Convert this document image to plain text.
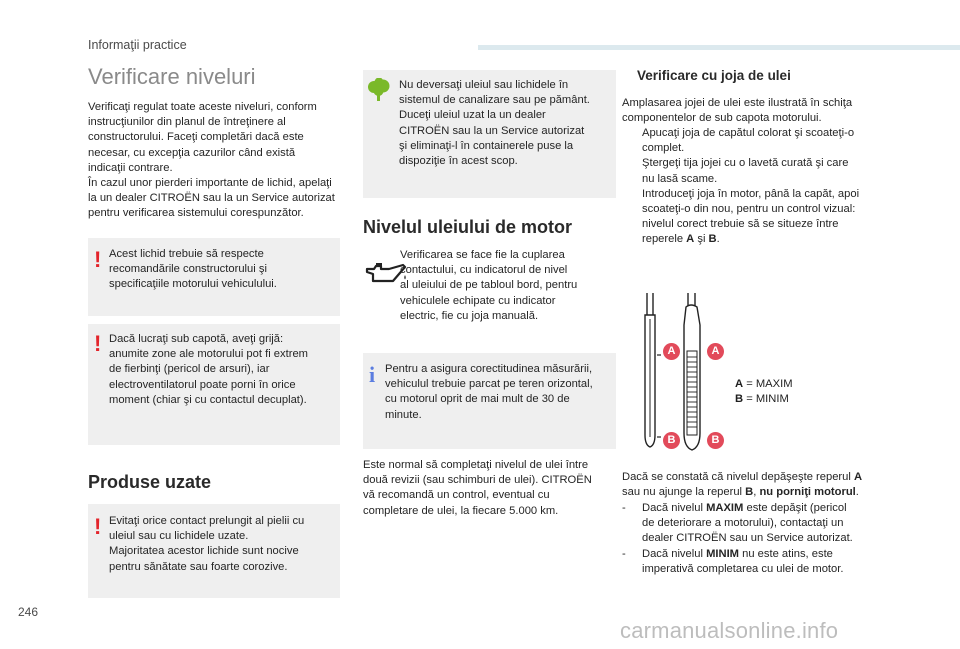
Informaţii practice
Verificare niveluri
Verificaţi regulat toate aceste niveluri, conform
instrucţiunilor din planul de întreţinere al
constructorului. Faceţi completări dacă este
necesar, cu excepţia cazurilor când există
indicaţii contrare.
În cazul unor pierderi importante de lichid, apelaţi
la un dealer CITROËN sau la un Service autorizat
pentru verificarea sistemului corespunzător.
! Acest lichid trebuie să respecte
recomandările constructorului şi
specificaţiile motorului vehiculului.
! Dacă lucraţi sub capotă, aveţi grijă:
anumite zone ale motorului pot fi extrem
de fierbinţi (pericol de arsuri), iar
electroventilatorul poate porni în orice
moment (chiar şi cu contactul decuplat).
Produse uzate
! Evitaţi orice contact prelungit al pielii cu
uleiul sau cu lichidele uzate.
Majoritatea acestor lichide sunt nocive
pentru sănătate sau foarte corozive.
Nu deversaţi uleiul sau lichidele în
sistemul de canalizare sau pe pământ.
Duceţi uleiul uzat la un dealer
CITROËN sau la un Service autorizat
şi eliminaţi-l în containerele puse la
dispoziţie în acest scop.
Nivelul uleiului de motor
Verificarea se face fie la cuplarea
contactului, cu indicatorul de nivel
al uleiului de pe tabloul bord, pentru
vehiculele echipate cu indicator
electric, fie cu joja manuală.
i Pentru a asigura corectitudinea măsurării,
vehiculul trebuie parcat pe teren orizontal,
cu motorul oprit de mai mult de 30 de
minute.
Este normal să completaţi nivelul de ulei între
două revizii (sau schimburi de ulei). CITROËN
vă recomandă un control, eventual cu
completare de ulei, la fiecare 5.000 km.
Verificare cu joja de ulei
Amplasarea jojei de ulei este ilustrată în schiţa
componentelor de sub capota motorului.
Apucaţi joja de capătul colorat şi scoateţi-o
complet.
Ştergeţi tija jojei cu o lavetă curată şi care
nu lasă scame.
Introduceţi joja în motor, până la capăt, apoi
scoateţi-o din nou, pentru un control vizual:
nivelul corect trebuie să se situeze între
reperele A şi B.
A	A
B	B
A = MAXIM
B = MINIM
Dacă se constată că nivelul depăşeşte reperul A
sau nu ajunge la reperul B, nu porniţi motorul.
-	Dacă nivelul MAXIM este depăşit (pericol
de deteriorare a motorului), contactaţi un
dealer CITROËN sau un Service autorizat.
-	Dacă nivelul MINIM nu este atins, este
imperativă completarea cu ulei de motor.
246
carmanualsonline.info
